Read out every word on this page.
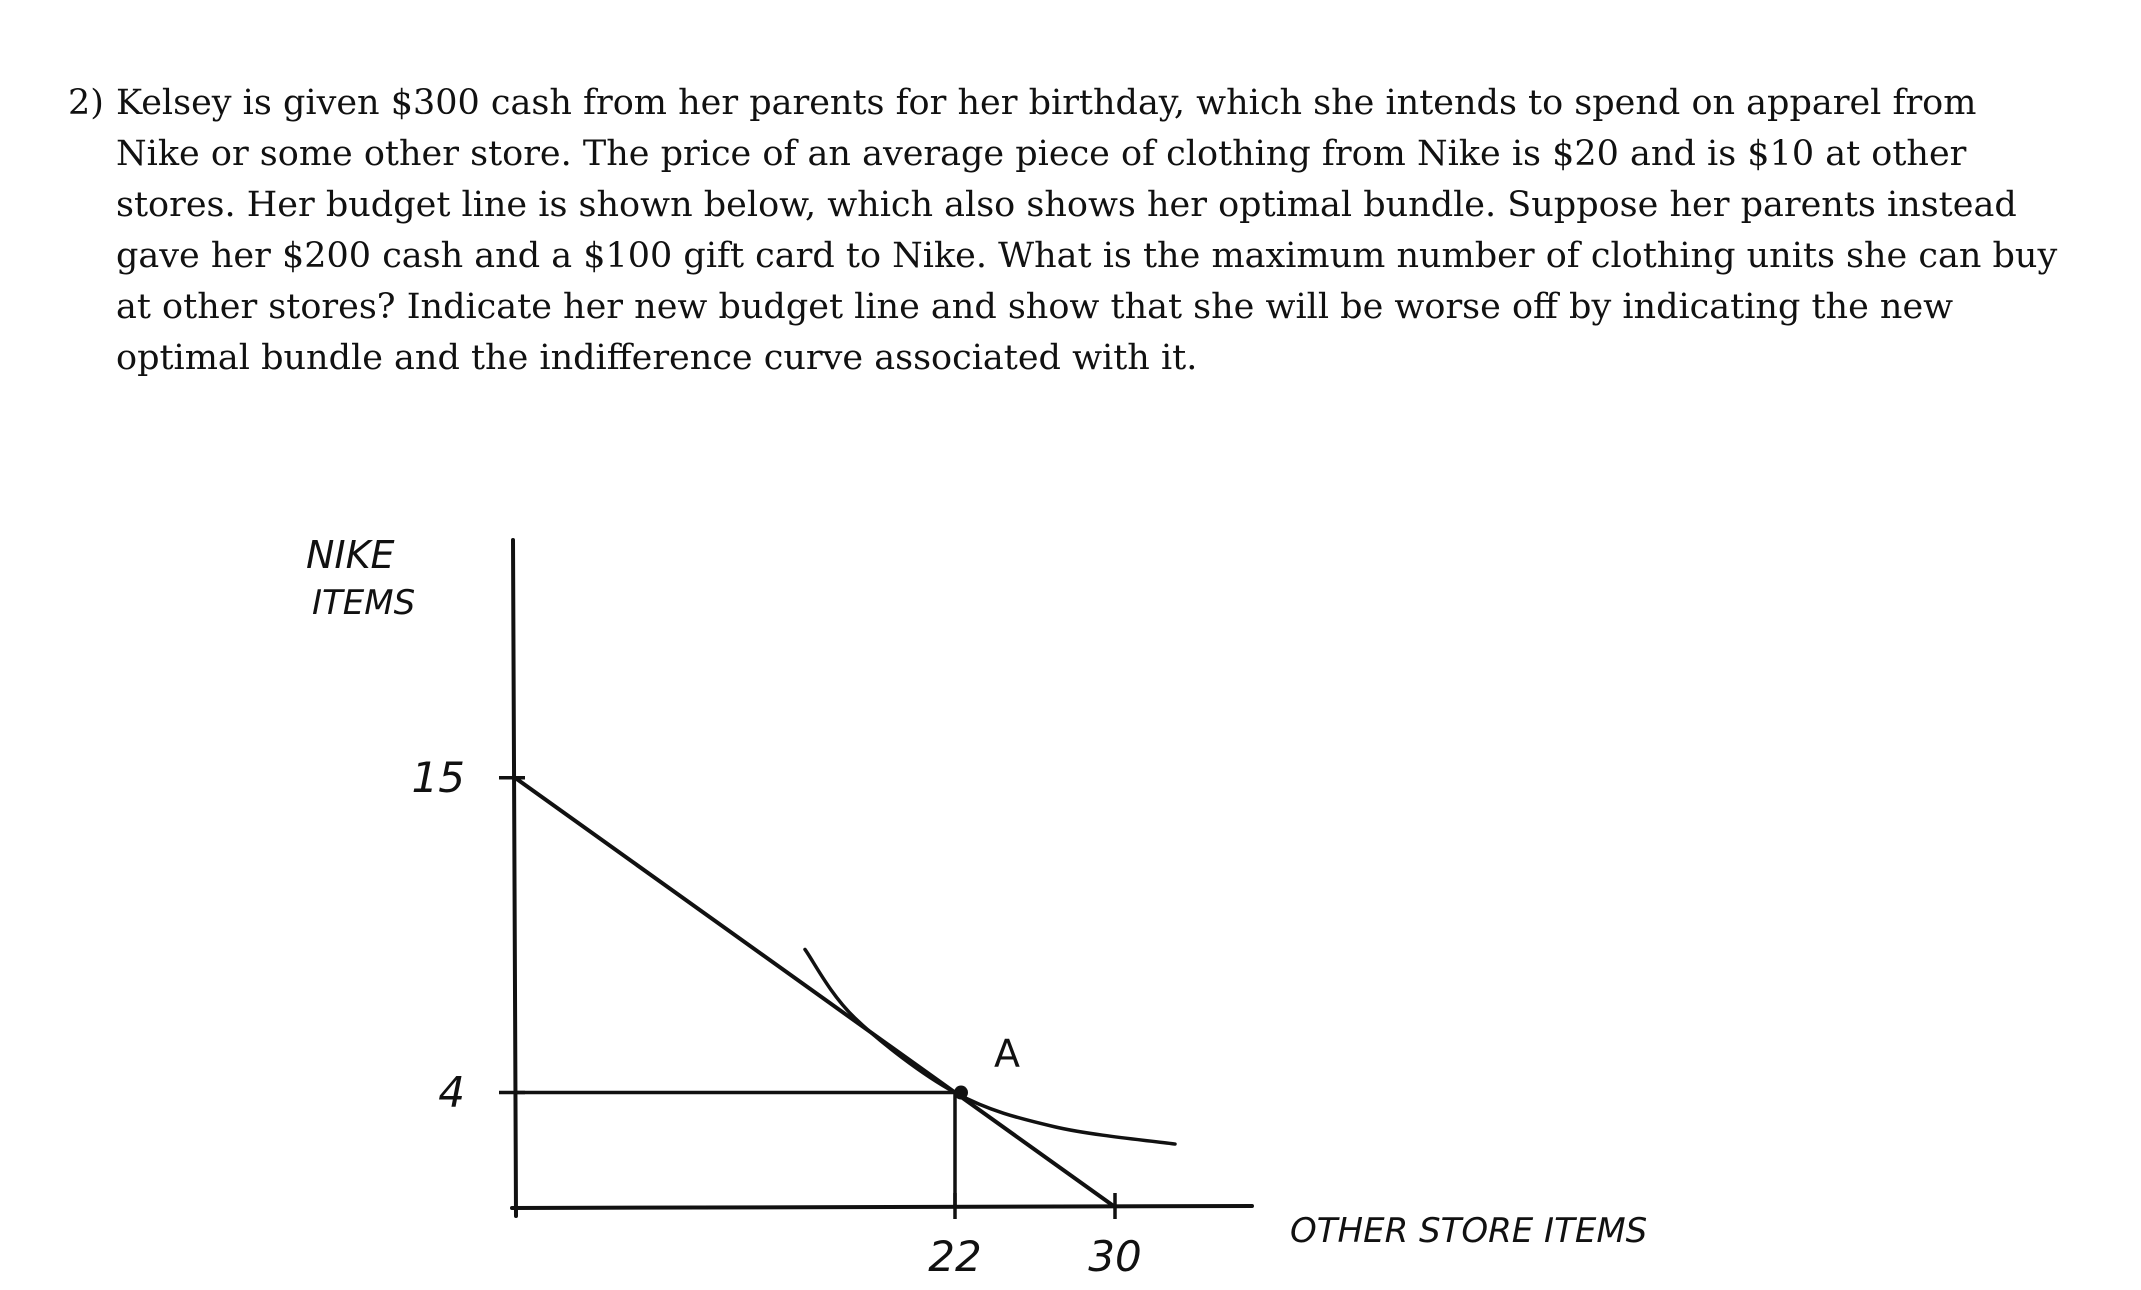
2) Kelsey is given $300 cash from her parents for her birthday, which she intends to spend on apparel from Nike or some other store. The price of an average piece of clothing from Nike is $20 and is $10 at other stores. Her budget line is shown below, which also shows her optimal bundle. Suppose her parents instead gave her $200 cash and a $100 gift card to Nike. What is the maximum number of clothing units she can buy at other stores? Indicate her new budget line and show that she will be worse off by indicating the new optimal bundle and the indifference curve associated with it.
15
4
22	30
A
NIKE
ITEMS
OTHER STORE ITEMS
